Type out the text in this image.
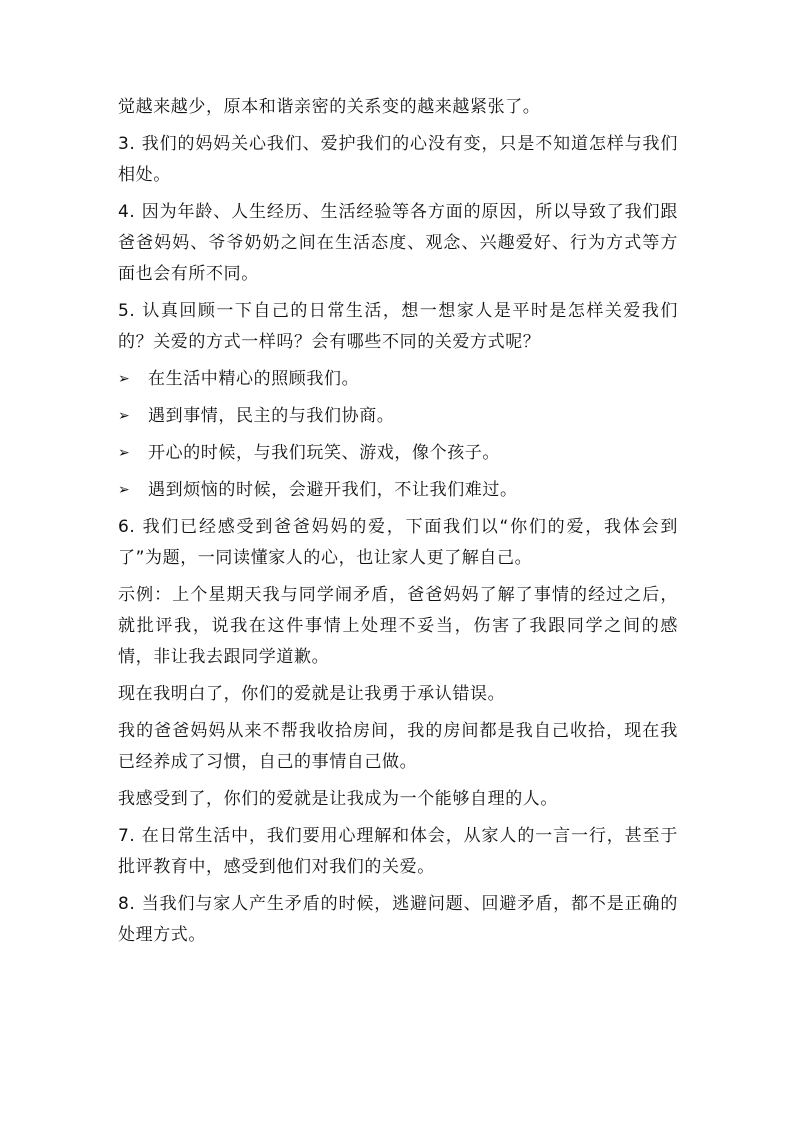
觉越来越少，原本和谐亲密的关系变的越来越紧张了。

3. 我们的妈妈关心我们、爱护我们的心没有变，只是不知道怎样与我们相处。

4. 因为年龄、人生经历、生活经验等各方面的原因，所以导致了我们跟爸爸妈妈、爷爷奶奶之间在生活态度、观念、兴趣爱好、行为方式等方面也会有所不同。

5. 认真回顾一下自己的日常生活，想一想家人是平时是怎样关爱我们的？关爱的方式一样吗？会有哪些不同的关爱方式呢？

➢	在生活中精心的照顾我们。
➢	遇到事情，民主的与我们协商。
➢	开心的时候，与我们玩笑、游戏，像个孩子。
➢	遇到烦恼的时候，会避开我们，不让我们难过。

6. 我们已经感受到爸爸妈妈的爱，下面我们以“你们的爱，我体会到了”为题，一同读懂家人的心，也让家人更了解自己。

示例：上个星期天我与同学闹矛盾，爸爸妈妈了解了事情的经过之后，就批评我，说我在这件事情上处理不妥当，伤害了我跟同学之间的感情，非让我去跟同学道歉。

现在我明白了，你们的爱就是让我勇于承认错误。

我的爸爸妈妈从来不帮我收拾房间，我的房间都是我自己收拾，现在我已经养成了习惯，自己的事情自己做。

我感受到了，你们的爱就是让我成为一个能够自理的人。

7. 在日常生活中，我们要用心理解和体会，从家人的一言一行，甚至于批评教育中，感受到他们对我们的关爱。

8. 当我们与家人产生矛盾的时候，逃避问题、回避矛盾，都不是正确的处理方式。
